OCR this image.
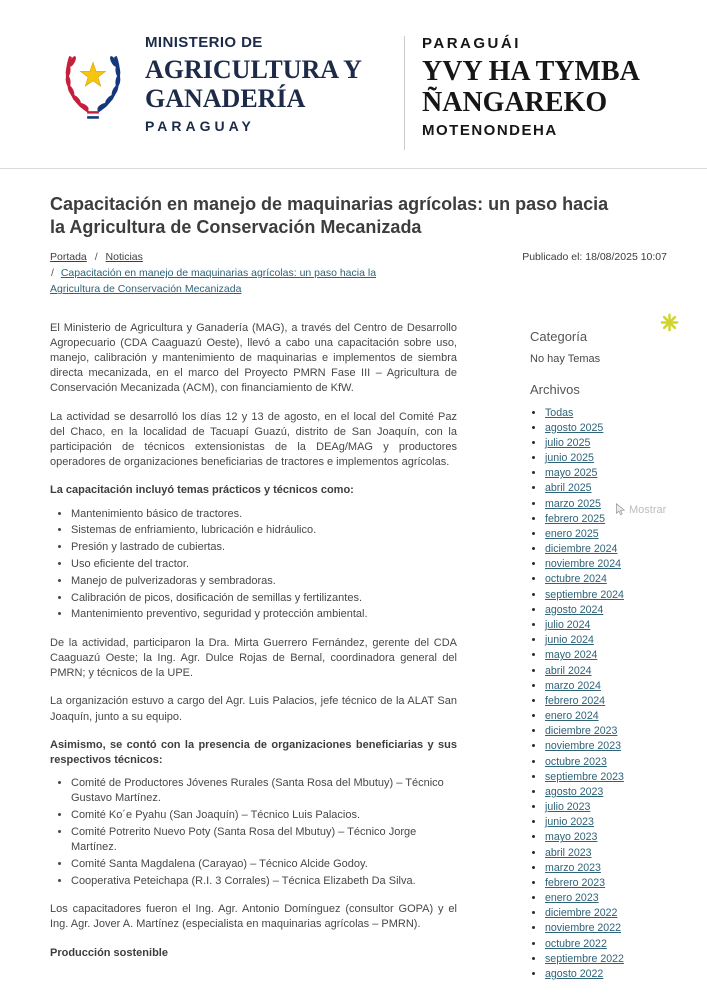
MINISTERIO DE
AGRICULTURA Y
GANADERÍA
PARAGUAY
PARAGUÁI
YVY HA TYMBA
ÑANGAREKO
MOTENONDEHA
Capacitación en manejo de maquinarias agrícolas: un paso hacia la Agricultura de Conservación Mecanizada
Portada / Noticias
/ Capacitación en manejo de maquinarias agrícolas: un paso hacia la Agricultura de Conservación Mecanizada
Publicado el: 18/08/2025 10:07

El Ministerio de Agricultura y Ganadería (MAG), a través del Centro de Desarrollo Agropecuario (CDA Caaguazú Oeste), llevó a cabo una capacitación sobre uso, manejo, calibración y mantenimiento de maquinarias e implementos de siembra directa mecanizada, en el marco del Proyecto PMRN Fase III – Agricultura de Conservación Mecanizada (ACM), con financiamiento de KfW.

La actividad se desarrolló los días 12 y 13 de agosto, en el local del Comité Paz del Chaco, en la localidad de Tacuapí Guazú, distrito de San Joaquín, con la participación de técnicos extensionistas de la DEAg/MAG y productores operadores de organizaciones beneficiarias de tractores e implementos agrícolas.

La capacitación incluyó temas prácticos y técnicos como:

• Mantenimiento básico de tractores.
• Sistemas de enfriamiento, lubricación e hidráulico.
• Presión y lastrado de cubiertas.
• Uso eficiente del tractor.
• Manejo de pulverizadoras y sembradoras.
• Calibración de picos, dosificación de semillas y fertilizantes.
• Mantenimiento preventivo, seguridad y protección ambiental.

De la actividad, participaron la Dra. Mirta Guerrero Fernández, gerente del CDA Caaguazú Oeste; la Ing. Agr. Dulce Rojas de Bernal, coordinadora general del PMRN; y técnicos de la UPE.

La organización estuvo a cargo del Agr. Luis Palacios, jefe técnico de la ALAT San Joaquín, junto a su equipo.

Asimismo, se contó con la presencia de organizaciones beneficiarias y sus respectivos técnicos:

• Comité de Productores Jóvenes Rurales (Santa Rosa del Mbutuy) – Técnico Gustavo Martínez.
• Comité Ko´e Pyahu (San Joaquín) – Técnico Luis Palacios.
• Comité Potrerito Nuevo Poty (Santa Rosa del Mbutuy) – Técnico Jorge Martínez.
• Comité Santa Magdalena (Carayao) – Técnico Alcide Godoy.
• Cooperativa Peteichapa (R.I. 3 Corrales) – Técnica Elizabeth Da Silva.

Los capacitadores fueron el Ing. Agr. Antonio Domínguez (consultor GOPA) y el Ing. Agr. Jover A. Martínez (especialista en maquinarias agrícolas – PMRN).

Producción sostenible

Categoría

No hay Temas

Archivos
• Todas
• agosto 2025
• julio 2025
• junio 2025
• mayo 2025
• abril 2025
• marzo 2025
• febrero 2025
• enero 2025
• diciembre 2024
• noviembre 2024
• octubre 2024
• septiembre 2024
• agosto 2024
• julio 2024
• junio 2024
• mayo 2024
• abril 2024
• marzo 2024
• febrero 2024
• enero 2024
• diciembre 2023
• noviembre 2023
• octubre 2023
• septiembre 2023
• agosto 2023
• julio 2023
• junio 2023
• mayo 2023
• abril 2023
• marzo 2023
• febrero 2023
• enero 2023
• diciembre 2022
• noviembre 2022
• octubre 2022
• septiembre 2022
• agosto 2022
Mostrar
